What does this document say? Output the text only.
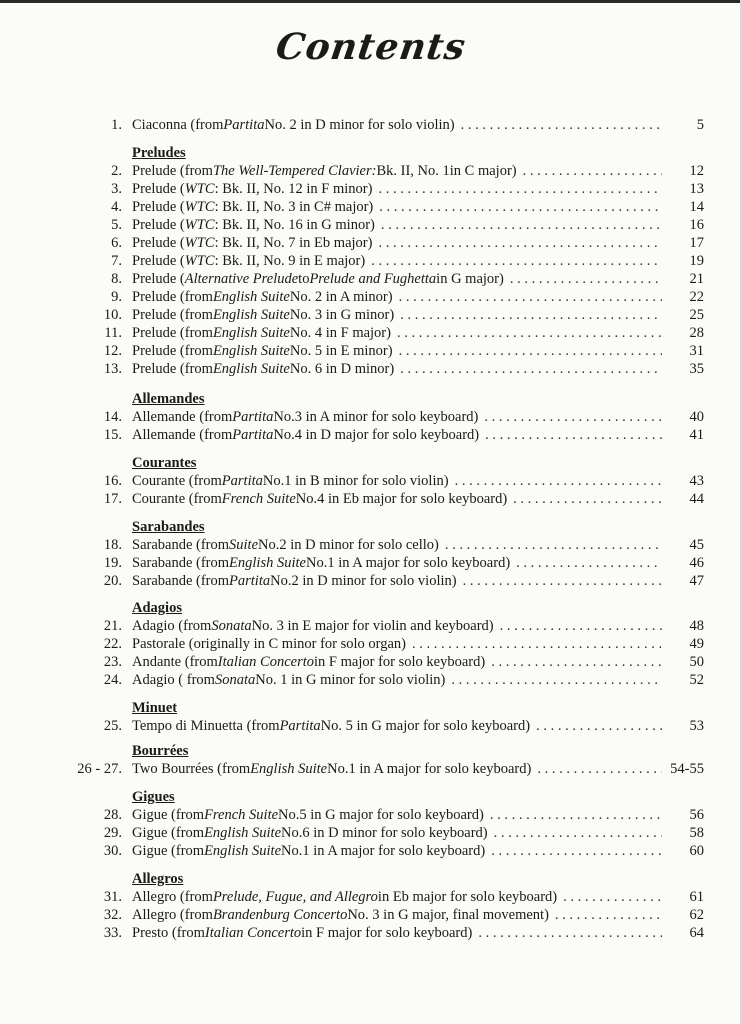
Contents
1. Ciaconna (from Partita No. 2 in D minor for solo violin) . . .	5
Preludes
2. Prelude (from The Well-Tempered Clavier: Bk. II, No. 1in C major) . . .	12
3. Prelude ( WTC : Bk. II, No. 12 in F minor) . . .	13
4. Prelude ( WTC : Bk. II, No. 3 in C# major) . . .	14
5. Prelude ( WTC : Bk. II, No. 16 in G minor) . . .	16
6. Prelude ( WTC : Bk. II, No. 7 in Eb major) . . .	17
7. Prelude ( WTC : Bk. II, No. 9 in E major) . . .	19
8. Prelude ( Alternative Prelude to Prelude and Fughetta in G major) . . .	21
9. Prelude (from English Suite No. 2 in A minor) . . .	22
10. Prelude (from English Suite No. 3 in G minor) . . .	25
11. Prelude (from English Suite No. 4 in F major) . . .	28
12. Prelude (from English Suite No. 5 in E minor) . . .	31
13. Prelude (from English Suite No. 6 in D minor) . . .	35
Allemandes
14. Allemande (from Partita No.3 in A minor for solo keyboard) . . .	40
15. Allemande (from Partita No.4 in D major for solo keyboard) . . .	41
Courantes
16. Courante (from Partita No.1 in B minor for solo violin) . . .	43
17. Courante (from French Suite No.4 in Eb major for solo keyboard) . . .	44
Sarabandes
18. Sarabande (from Suite No.2 in D minor for solo cello) . . .	45
19. Sarabande (from English Suite No.1 in A major for solo keyboard) . . .	46
20. Sarabande (from Partita No.2 in D minor for solo violin) . . .	47
Adagios
21. Adagio (from Sonata No. 3 in E major for violin and keyboard) . . .	48
22. Pastorale (originally in C minor for solo organ) . . .	49
23. Andante (from Italian Concerto in F major for solo keyboard) . . .	50
24. Adagio ( from Sonata No. 1 in G minor for solo violin) . . .	52
Minuet
25. Tempo di Minuetta (from Partita No. 5 in G major for solo keyboard) . . .	53
Bourrées
26 - 27. Two Bourrées (from English Suite No.1 in A major for solo keyboard) . . .	54-55
Gigues
28. Gigue (from French Suite No.5 in G major for solo keyboard) . . .	56
29. Gigue (from English Suite No.6 in D minor for solo keyboard) . . .	58
30. Gigue (from English Suite No.1 in A major for solo keyboard) . . .	60
Allegros
31. Allegro (from Prelude, Fugue, and Allegro in Eb major for solo keyboard) . . .	61
32. Allegro (from Brandenburg Concerto No. 3 in G major, final movement) . . .	62
33. Presto (from Italian Concerto in F major for solo keyboard) . . .	64
